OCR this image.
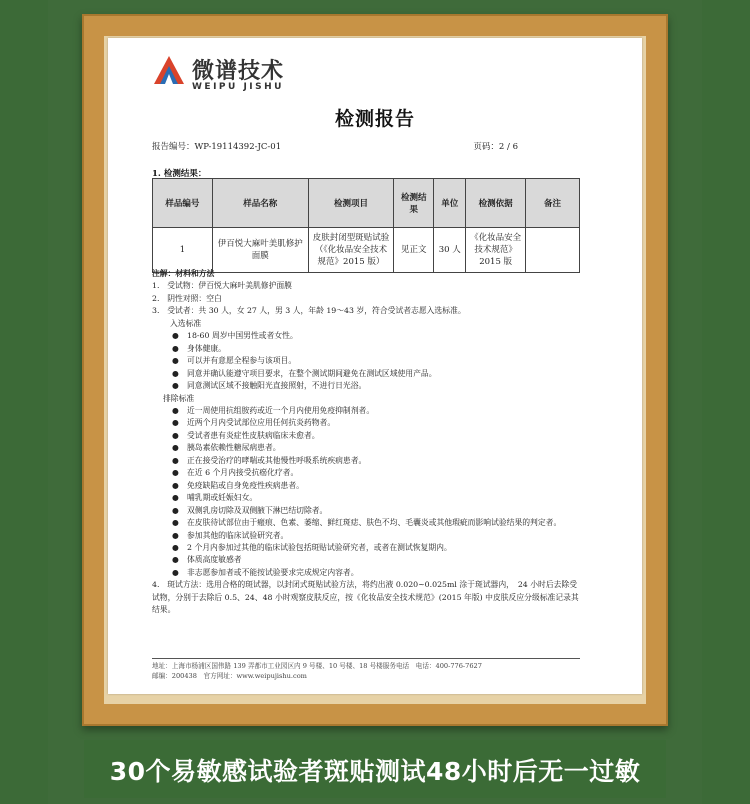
微谱技术
WEIPU JISHU
检测报告
报告编号：WP-19114392-JC-01	页码：2 / 6
1. 检测结果：
样品编号	样品名称	检测项目	检测结果	单位	检测依据	备注
1	伊百悦大麻叶美肌修护面膜	皮肤封闭型斑贴试验（《化妆品安全技术规范》2015 版）	见正文	30 人	《化妆品安全技术规范》2015 版	
注解：材料和方法
1.　受试物：伊百悦大麻叶美肌修护面膜
2.　阴性对照：空白
3.　受试者：共 30 人，女 27 人，男 3 人，年龄 19～43 岁，符合受试者志愿入选标准。
入选标准
●	18-60 周岁中国男性或者女性。
●	身体健康。
●	可以并有意愿全程参与该项目。
●	同意并确认能遵守项目要求，在整个测试期间避免在测试区域使用产品。
●	同意测试区域不接触阳光直接照射，不进行日光浴。
排除标准
●	近一周使用抗组胺药或近一个月内使用免疫抑制剂者。
●	近两个月内受试部位应用任何抗炎药物者。
●	受试者患有炎症性皮肤病临床未愈者。
●	胰岛素依赖性糖尿病患者。
●	正在接受治疗的哮喘或其他慢性呼吸系统疾病患者。
●	在近 6 个月内接受抗癌化疗者。
●	免疫缺陷或自身免疫性疾病患者。
●	哺乳期或妊娠妇女。
●	双侧乳房切除及双侧腋下淋巴结切除者。
●	在皮肤待试部位由于瘢痕、色素、萎缩、鲜红斑痣、肤色不均、毛囊炎或其他瑕疵而影响试验结果的判定者。
●	参加其他的临床试验研究者。
●	2 个月内参加过其他的临床试验包括斑贴试验研究者，或者在测试恢复期内。
●	体质高度敏感者
●	非志愿参加者或不能按试验要求完成规定内容者。
4.　斑试方法：选用合格的斑试器，以封闭式斑贴试验方法，将约出液 0.020~0.025ml 涂于斑试器内，　24 小时后去除受试物，分别于去除后 0.5、24、48 小时观察皮肤反应，按《化妆品安全技术规范》(2015 年版) 中皮肤反应分级标准记录其结果。
地址：上海市杨浦区国伟路 139 弄都市工业园区内 9 号楼、10 号楼、18 号楼服务电话　电话：400-776-7627
邮编：200438　官方网址：www.weipujishu.com
30个易敏感试验者斑贴测试48小时后无一过敏
